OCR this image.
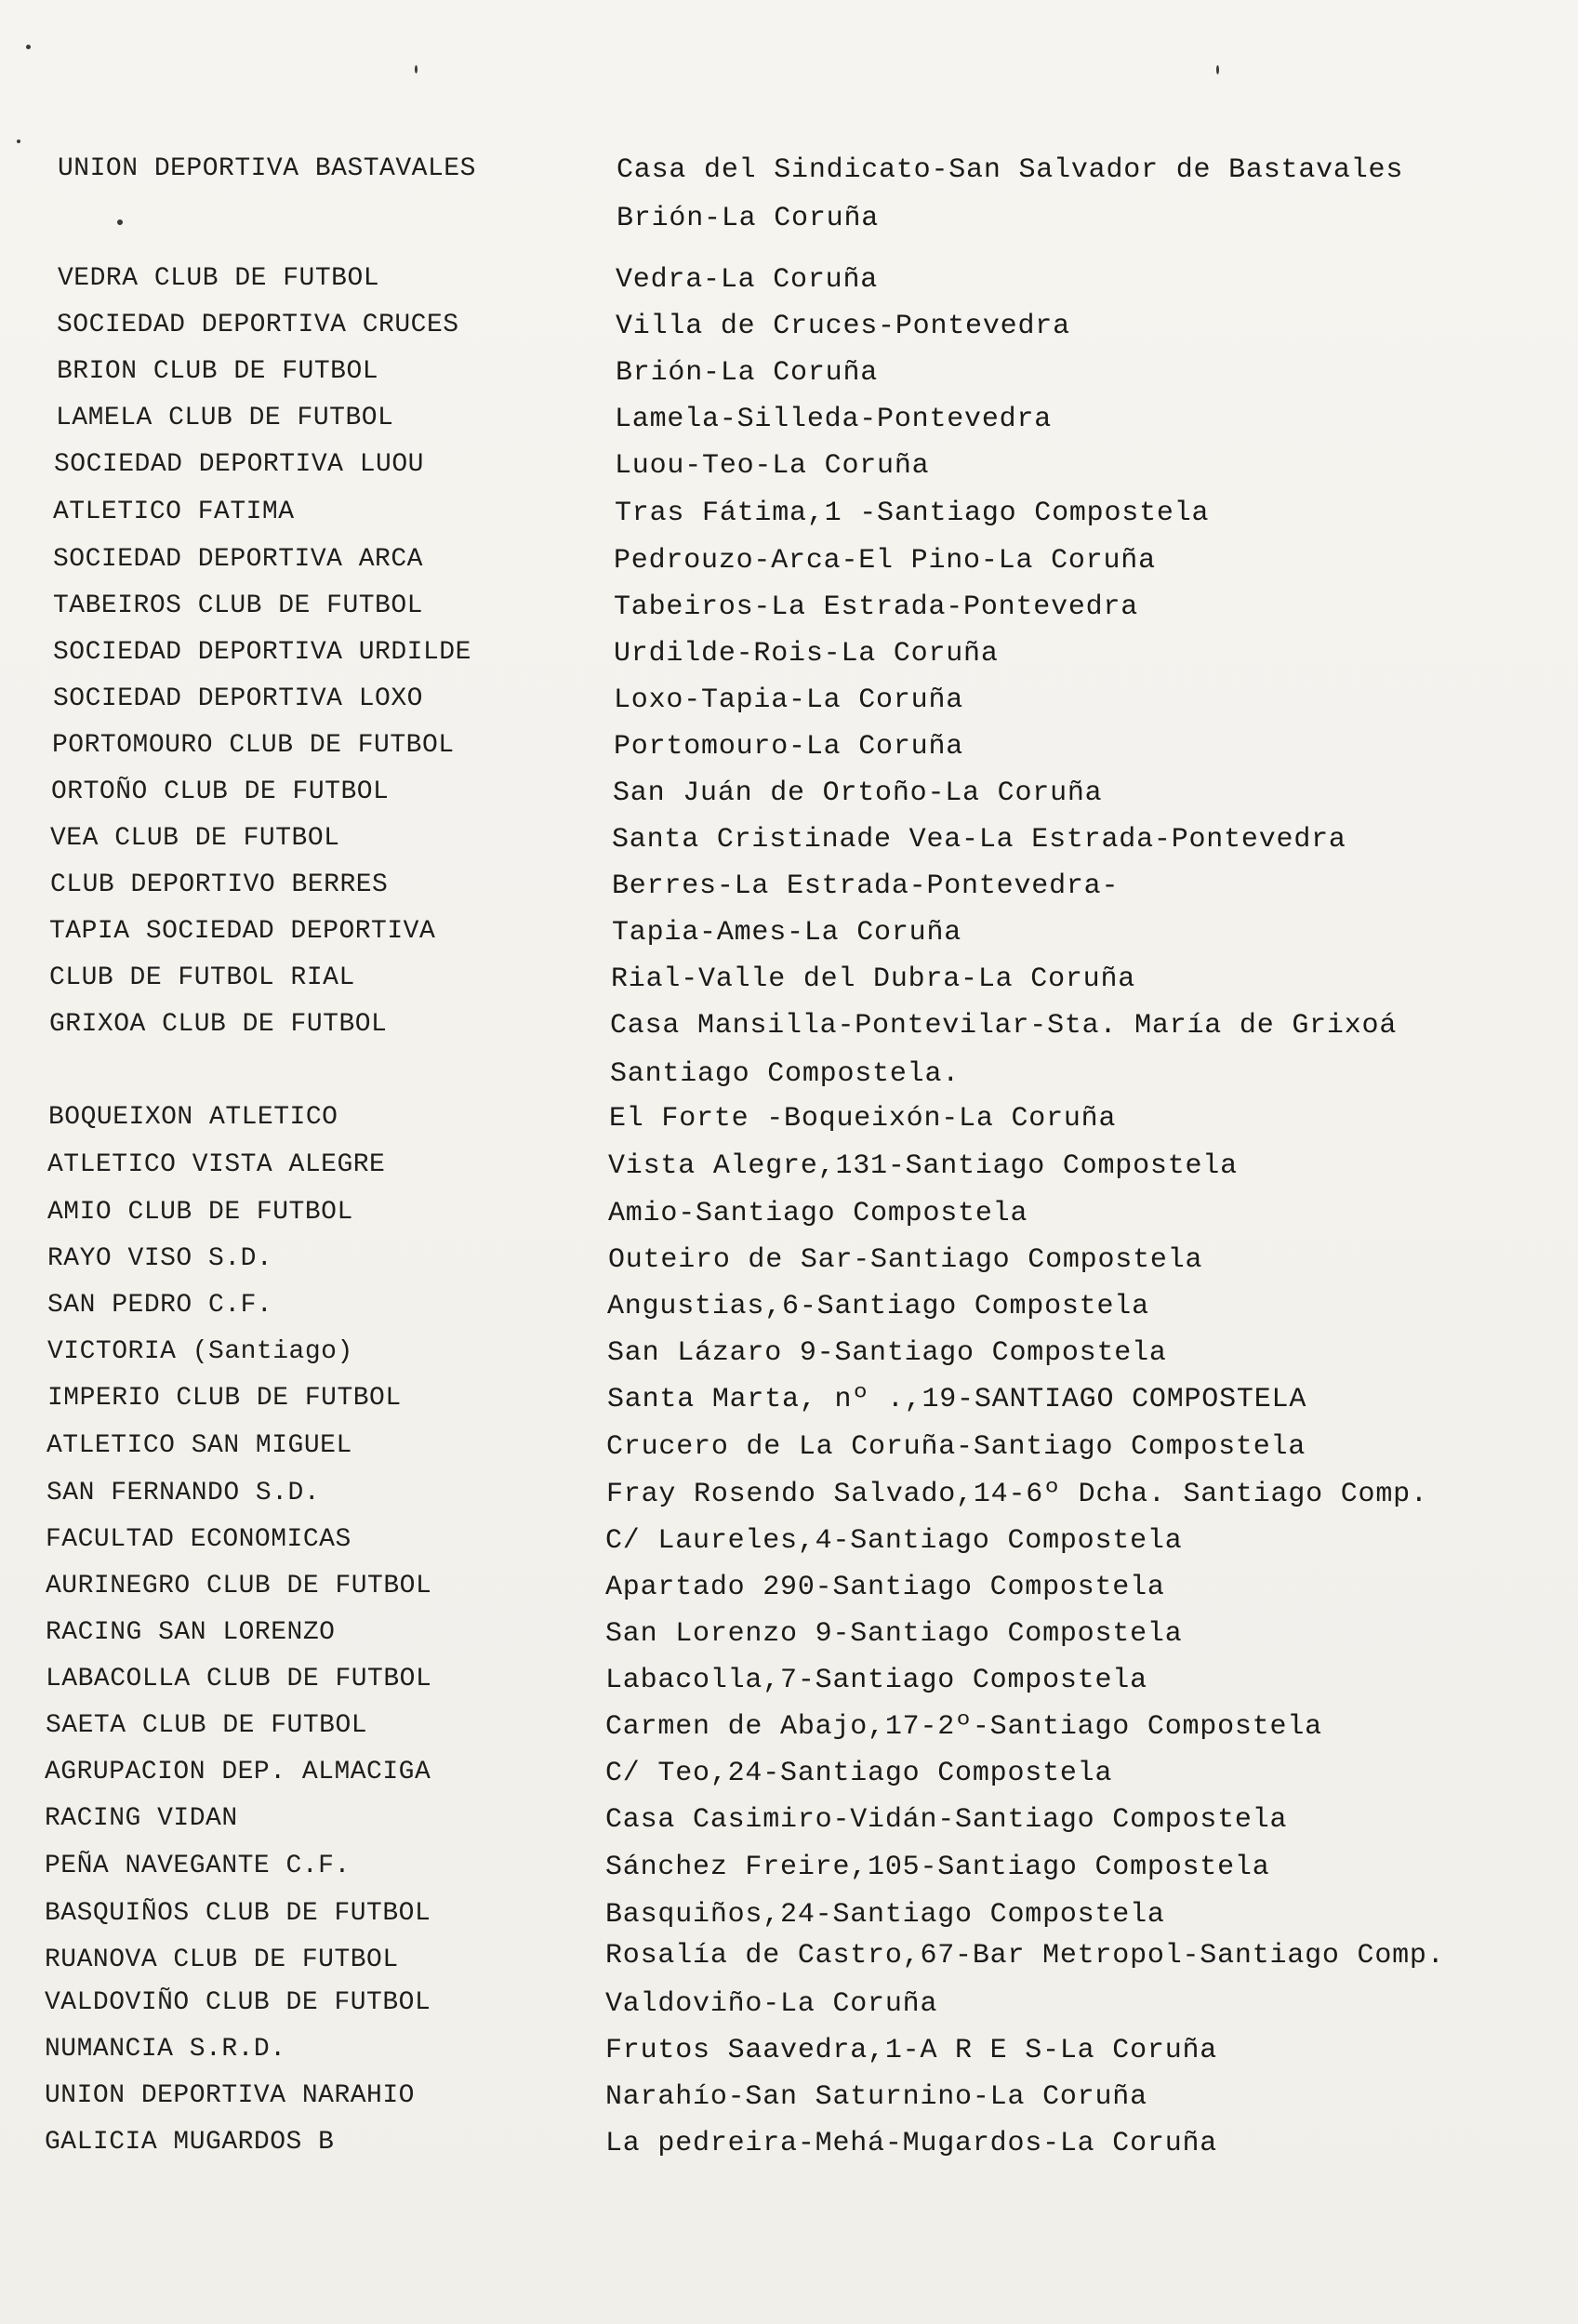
UNION DEPORTIVA BASTAVALES	Casa del Sindicato-San Salvador de Bastavales
Brión-La Coruña
VEDRA CLUB DE FUTBOL	Vedra-La Coruña
SOCIEDAD DEPORTIVA CRUCES	Villa de Cruces-Pontevedra
BRION CLUB DE FUTBOL	Brión-La Coruña
LAMELA CLUB DE FUTBOL	Lamela-Silleda-Pontevedra
SOCIEDAD DEPORTIVA LUOU	Luou-Teo-La Coruña
ATLETICO FATIMA	Tras Fátima,1 -Santiago Compostela
SOCIEDAD DEPORTIVA ARCA	Pedrouzo-Arca-El Pino-La Coruña
TABEIROS CLUB DE FUTBOL	Tabeiros-La Estrada-Pontevedra
SOCIEDAD DEPORTIVA URDILDE	Urdilde-Rois-La Coruña
SOCIEDAD DEPORTIVA LOXO	Loxo-Tapia-La Coruña
PORTOMOURO CLUB DE FUTBOL	Portomouro-La Coruña
ORTOÑO CLUB DE FUTBOL	San Juán de Ortoño-La Coruña
VEA CLUB DE FUTBOL	Santa Cristinade Vea-La Estrada-Pontevedra
CLUB DEPORTIVO BERRES	Berres-La Estrada-Pontevedra-
TAPIA SOCIEDAD DEPORTIVA	Tapia-Ames-La Coruña
CLUB DE FUTBOL RIAL	Rial-Valle del Dubra-La Coruña
GRIXOA CLUB DE FUTBOL	Casa Mansilla-Pontevilar-Sta. María de Grixoá
Santiago Compostela.
BOQUEIXON ATLETICO	El Forte -Boqueixón-La Coruña
ATLETICO VISTA ALEGRE	Vista Alegre,131-Santiago Compostela
AMIO CLUB DE FUTBOL	Amio-Santiago Compostela
RAYO VISO S.D.	Outeiro de Sar-Santiago Compostela
SAN PEDRO C.F.	Angustias,6-Santiago Compostela
VICTORIA (Santiago)	San Lázaro 9-Santiago Compostela
IMPERIO CLUB DE FUTBOL	Santa Marta, nº .,19-SANTIAGO COMPOSTELA
ATLETICO SAN MIGUEL	Crucero de La Coruña-Santiago Compostela
SAN FERNANDO S.D.	Fray Rosendo Salvado,14-6º Dcha. Santiago Comp.
FACULTAD ECONOMICAS	C/ Laureles,4-Santiago Compostela
AURINEGRO CLUB DE FUTBOL	Apartado 290-Santiago Compostela
RACING SAN LORENZO	San Lorenzo 9-Santiago Compostela
LABACOLLA CLUB DE FUTBOL	Labacolla,7-Santiago Compostela
SAETA CLUB DE FUTBOL	Carmen de Abajo,17-2º-Santiago Compostela
AGRUPACION DEP. ALMACIGA	C/ Teo,24-Santiago Compostela
RACING VIDAN	Casa Casimiro-Vidán-Santiago Compostela
PEÑA NAVEGANTE C.F.	Sánchez Freire,105-Santiago Compostela
BASQUIÑOS CLUB DE FUTBOL	Basquiños,24-Santiago Compostela
RUANOVA CLUB DE FUTBOL	Rosalía de Castro,67-Bar Metropol-Santiago Comp.
VALDOVIÑO CLUB DE FUTBOL	Valdoviño-La Coruña
NUMANCIA S.R.D.	Frutos Saavedra,1-A R E S-La Coruña
UNION DEPORTIVA NARAHIO	Narahío-San Saturnino-La Coruña
GALICIA MUGARDOS B	La pedreira-Mehá-Mugardos-La Coruña
